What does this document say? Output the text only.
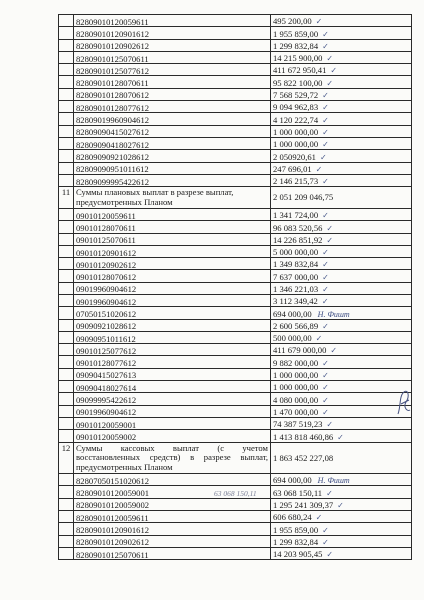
	82809010120059611	495 200,00 ✓
	82809010120901612	1 955 859,00 ✓
	82809010120902612	1 299 832,84 ✓
	82809010125070611	14 215 900,00 ✓
	82809010125077612	411 672 950,41 ✓
	82809010128070611	95 822 100,00 ✓
	82809010128070612	7 568 529,72 ✓
	82809010128077612	9 094 962,83 ✓
	82809019960904612	4 120 222,74 ✓
	82809090415027612	1 000 000,00 ✓
	82809090418027612	1 000 000,00 ✓
	82809090921028612	2 050920,61 ✓
	82809090951011612	247 696,01 ✓
	82809099995422612	2 146 215,73 ✓
11	Суммы плановых выплат в разрезе выплат, предусмотренных Планом	2 051 209 046,75
	09010120059611	1 341 724,00 ✓
	09010128070611	96 083 520,56 ✓
	09010125070611	14 226 851,92 ✓
	09010120901612	5 000 000,00 ✓
	09010120902612	1 349 832,84 ✓
	09010128070612	7 637 000,00 ✓
	09019960904612	1 346 221,03 ✓
	09019960904612	3 112 349,42 ✓
	07050151020612	694 000,00 Н. Фишт
	09090921028612	2 600 566,89 ✓
	09090951011612	500 000,00 ✓
	09010125077612	411 679 000,00 ✓
	09010128077612	9 882 000,00 ✓
	09090415027613	1 000 000,00 ✓
	09090418027614	1 000 000,00 ✓
	09099995422612	4 080 000,00 ✓
	09019960904612	1 470 000,00 ✓
	09010120059001	74 387 519,23 ✓
	09010120059002	1 413 818 460,86 ✓
12	Суммы кассовых выплат (с учетом восстановленных средств) в разрезе выплат, предусмотренных Планом	1 863 452 227,08
	82807050151020612	694 000,00 Н. Фишт
	82809010120059001	63 068 150,11 ✓
	82809010120059002	1 295 241 309,37 ✓
	82809010120059611	606 680,24 ✓
	82809010120901612	1 955 859,00 ✓
	82809010120902612	1 299 832,84 ✓
	82809010125070611	14 203 905,45 ✓
63 068 150,11
